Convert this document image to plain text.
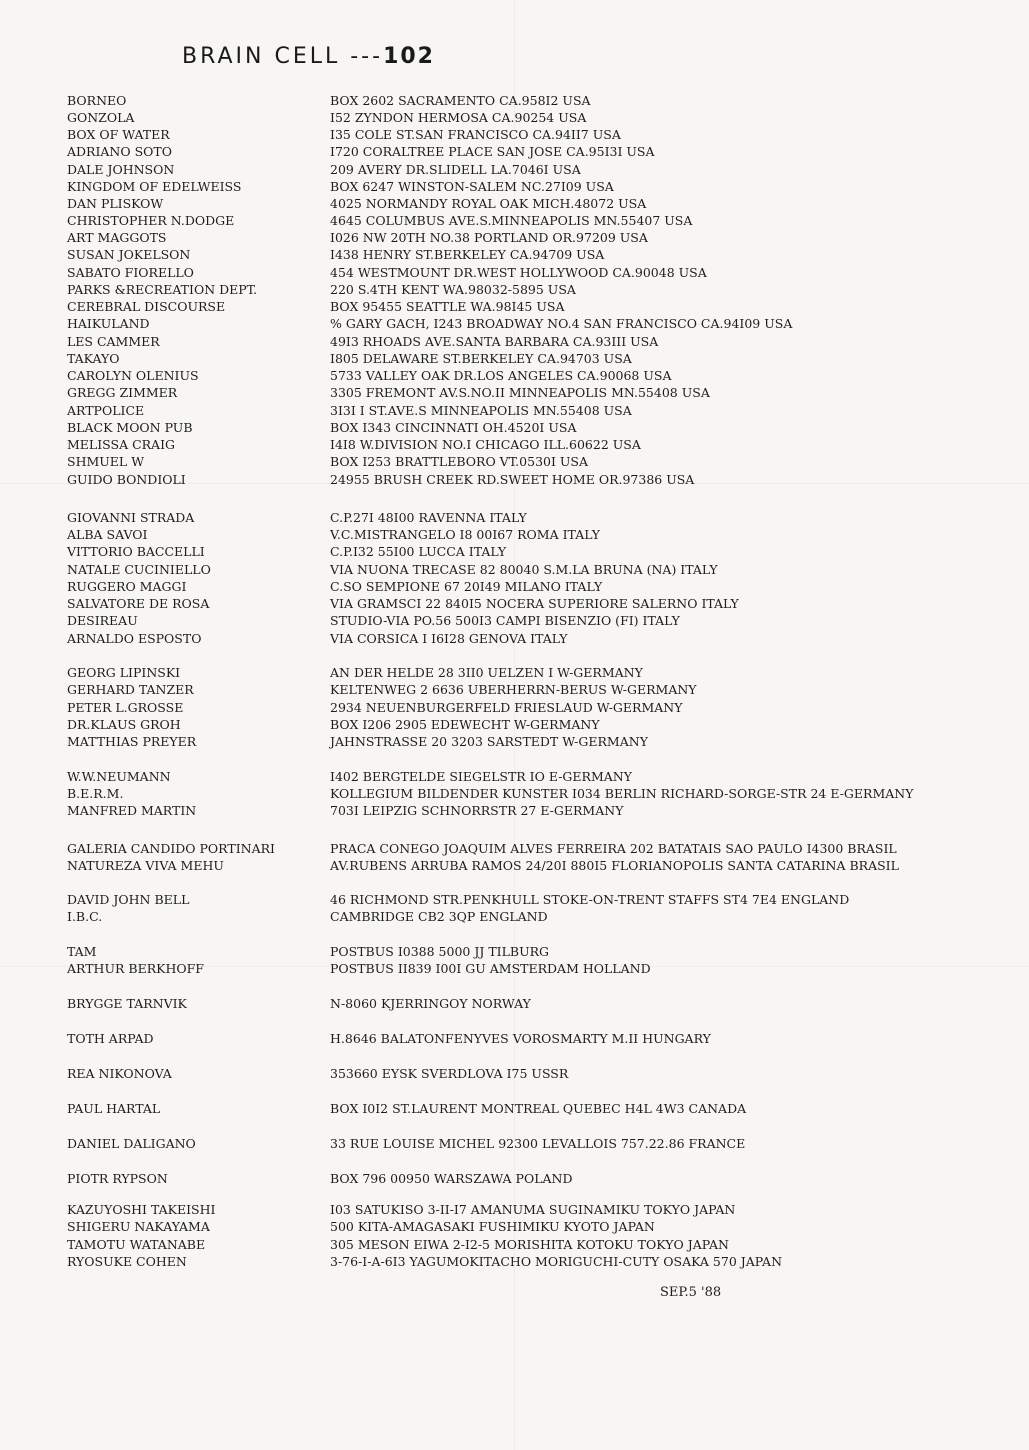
BRAIN CELL ---102
BORNEO	BOX 2602 SACRAMENTO CA.958I2 USA
GONZOLA	I52 ZYNDON HERMOSA CA.90254 USA
BOX OF WATER	I35 COLE ST.SAN FRANCISCO CA.94II7 USA
ADRIANO SOTO	I720 CORALTREE PLACE SAN JOSE CA.95I3I USA
DALE JOHNSON	209 AVERY DR.SLIDELL LA.7046I USA
KINGDOM OF EDELWEISS	BOX 6247 WINSTON-SALEM NC.27I09 USA
DAN PLISKOW	4025 NORMANDY ROYAL OAK MICH.48072 USA
CHRISTOPHER N.DODGE	4645 COLUMBUS AVE.S.MINNEAPOLIS MN.55407 USA
ART MAGGOTS	I026 NW 20TH NO.38 PORTLAND OR.97209 USA
SUSAN JOKELSON	I438 HENRY ST.BERKELEY CA.94709 USA
SABATO FIORELLO	454 WESTMOUNT DR.WEST HOLLYWOOD CA.90048 USA
PARKS &RECREATION DEPT.	220 S.4TH KENT WA.98032-5895 USA
CEREBRAL DISCOURSE	BOX 95455 SEATTLE WA.98I45 USA
HAIKULAND	% GARY GACH, I243 BROADWAY NO.4 SAN FRANCISCO CA.94I09 USA
LES CAMMER	49I3 RHOADS AVE.SANTA BARBARA CA.93III USA
TAKAYO	I805 DELAWARE ST.BERKELEY CA.94703 USA
CAROLYN OLENIUS	5733 VALLEY OAK DR.LOS ANGELES CA.90068 USA
GREGG ZIMMER	3305 FREMONT AV.S.NO.II MINNEAPOLIS MN.55408 USA
ARTPOLICE	3I3I I ST.AVE.S MINNEAPOLIS MN.55408 USA
BLACK MOON PUB	BOX I343 CINCINNATI OH.4520I USA
MELISSA CRAIG	I4I8 W.DIVISION NO.I CHICAGO ILL.60622 USA
SHMUEL W	BOX I253 BRATTLEBORO VT.0530I USA
GUIDO BONDIOLI	24955 BRUSH CREEK RD.SWEET HOME OR.97386 USA
GIOVANNI STRADA	C.P.27I 48I00 RAVENNA ITALY
ALBA SAVOI	V.C.MISTRANGELO I8 00I67 ROMA ITALY
VITTORIO BACCELLI	C.P.I32 55I00 LUCCA ITALY
NATALE CUCINIELLO	VIA NUONA TRECASE 82 80040 S.M.LA BRUNA (NA) ITALY
RUGGERO MAGGI	C.SO SEMPIONE 67 20I49 MILANO ITALY
SALVATORE DE ROSA	VIA GRAMSCI 22 840I5 NOCERA SUPERIORE SALERNO ITALY
DESIREAU	STUDIO-VIA PO.56 500I3 CAMPI BISENZIO (FI) ITALY
ARNALDO ESPOSTO	VIA CORSICA I I6I28 GENOVA ITALY
GEORG LIPINSKI	AN DER HELDE 28 3II0 UELZEN I W-GERMANY
GERHARD TANZER	KELTENWEG 2 6636 UBERHERRN-BERUS W-GERMANY
PETER L.GROSSE	2934 NEUENBURGERFELD FRIESLAUD W-GERMANY
DR.KLAUS GROH	BOX I206 2905 EDEWECHT W-GERMANY
MATTHIAS PREYER	JAHNSTRASSE 20 3203 SARSTEDT W-GERMANY
W.W.NEUMANN	I402 BERGTELDE SIEGELSTR IO E-GERMANY
B.E.R.M.	KOLLEGIUM BILDENDER KUNSTER I034 BERLIN RICHARD-SORGE-STR 24 E-GERMANY
MANFRED MARTIN	703I LEIPZIG SCHNORRSTR 27 E-GERMANY
GALERIA CANDIDO PORTINARI	PRACA CONEGO JOAQUIM ALVES FERREIRA 202 BATATAIS SAO PAULO I4300 BRASIL
NATUREZA VIVA MEHU	AV.RUBENS ARRUBA RAMOS 24/20I 880I5 FLORIANOPOLIS SANTA CATARINA BRASIL
DAVID JOHN BELL	46 RICHMOND STR.PENKHULL STOKE-ON-TRENT STAFFS ST4 7E4 ENGLAND
I.B.C.	CAMBRIDGE CB2 3QP ENGLAND
TAM	POSTBUS I0388 5000 JJ TILBURG
ARTHUR BERKHOFF	POSTBUS II839 I00I GU AMSTERDAM HOLLAND
BRYGGE TARNVIK	N-8060 KJERRINGOY NORWAY
TOTH ARPAD	H.8646 BALATONFENYVES VOROSMARTY M.II HUNGARY
REA NIKONOVA	353660 EYSK SVERDLOVA I75 USSR
PAUL HARTAL	BOX I0I2 ST.LAURENT MONTREAL QUEBEC H4L 4W3 CANADA
DANIEL DALIGANO	33 RUE LOUISE MICHEL 92300 LEVALLOIS 757.22.86 FRANCE
PIOTR RYPSON	BOX 796 00950 WARSZAWA POLAND
KAZUYOSHI TAKEISHI	I03 SATUKISO 3-II-I7 AMANUMA SUGINAMIKU TOKYO JAPAN
SHIGERU NAKAYAMA	500 KITA-AMAGASAKI FUSHIMIKU KYOTO JAPAN
TAMOTU WATANABE	305 MESON EIWA 2-I2-5 MORISHITA KOTOKU TOKYO JAPAN
RYOSUKE COHEN	3-76-I-A-6I3 YAGUMOKITACHO MORIGUCHI-CUTY OSAKA 570 JAPAN
SEP.5 '88
